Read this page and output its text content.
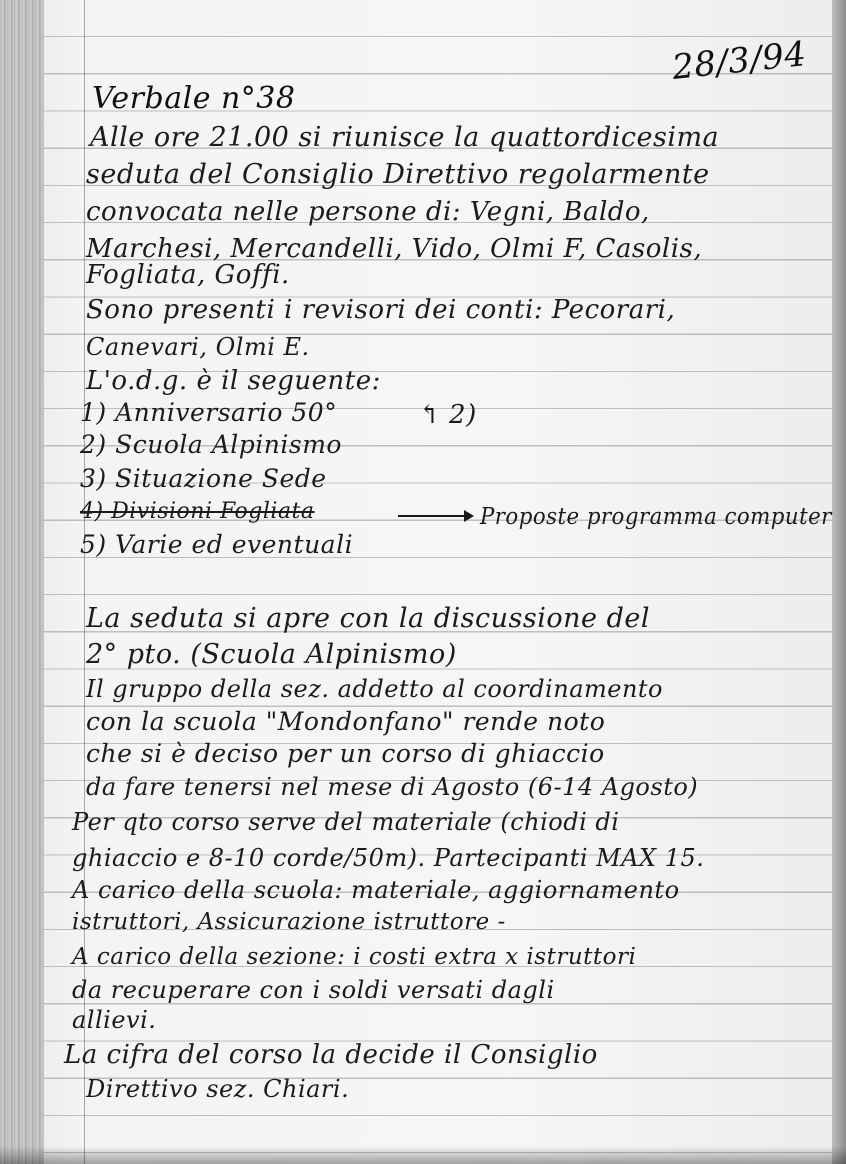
28/3/94
Verbale n°38
Alle ore 21.00 si riunisce la quattordicesima
seduta del Consiglio Direttivo regolarmente
convocata nelle persone di: Vegni, Baldo,
Marchesi, Mercandelli, Vido, Olmi F, Casolis,
Fogliata, Goffi.
Sono presenti i revisori dei conti: Pecorari,
Canevari, Olmi E.
L'o.d.g. è il seguente:
1) Anniversario 50°
2) Scuola Alpinismo
3) Situazione Sede
4) Divisioni Fogliata
5) Varie ed eventuali
↰ 2)
Proposte programma computer
La seduta si apre con la discussione del
2° pto. (Scuola Alpinismo)
Il gruppo della sez. addetto al coordinamento
con la scuola "Mondonfano" rende noto
che si è deciso per un corso di ghiaccio
da fare tenersi nel mese di Agosto (6-14 Agosto)
Per qto corso serve del materiale (chiodi di
ghiaccio e 8-10 corde/50m). Partecipanti MAX 15.
A carico della scuola: materiale, aggiornamento
istruttori, Assicurazione istruttore -
A carico della sezione: i costi extra x istruttori
da recuperare con i soldi versati dagli
allievi.
La cifra del corso la decide il Consiglio
Direttivo sez. Chiari.
